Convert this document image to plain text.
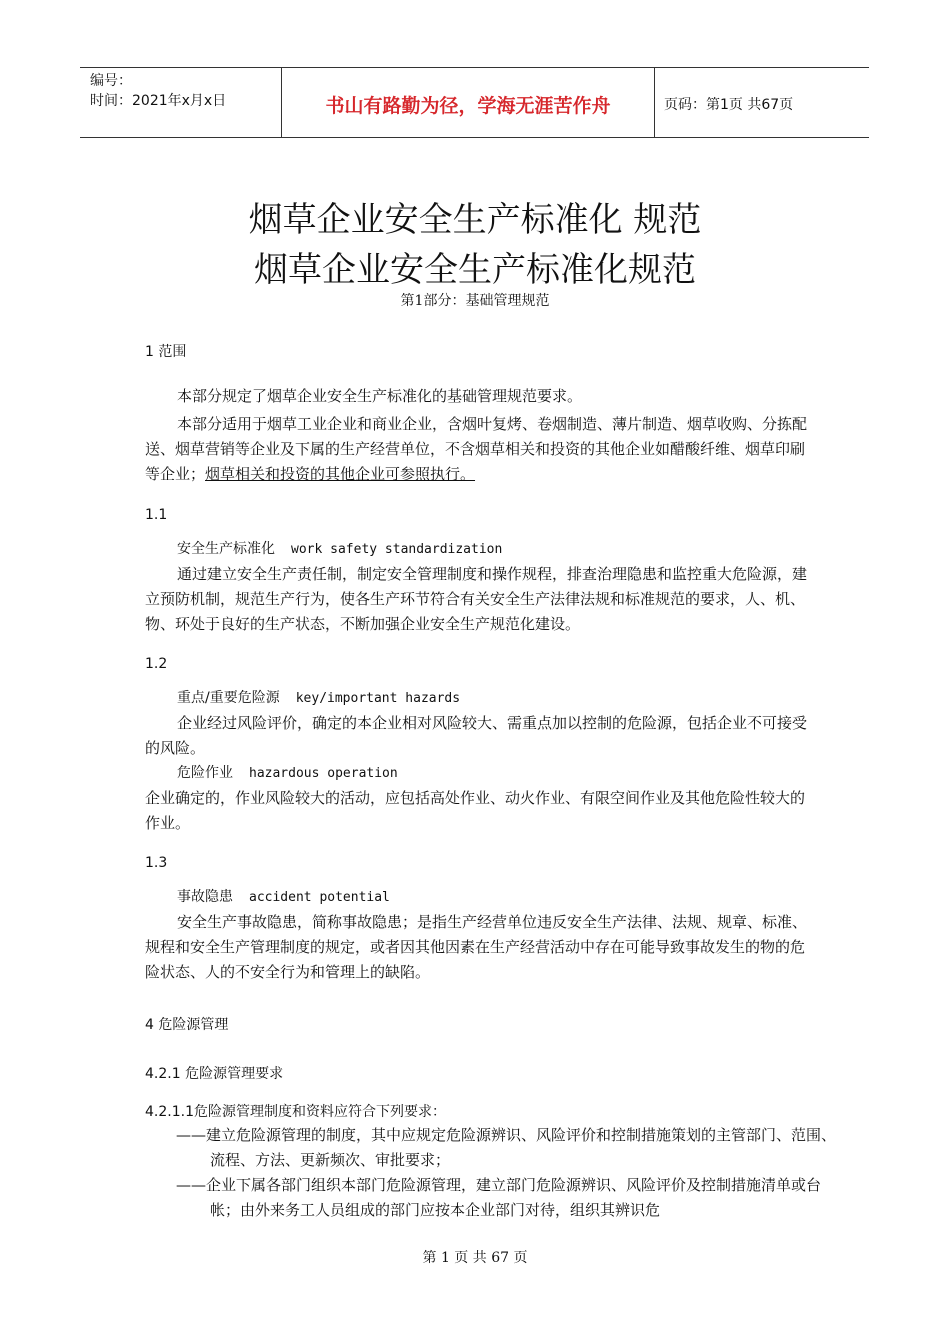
编号：
时间：2021年x月x日	书山有路勤为径，学海无涯苦作舟	页码：第1页 共67页
烟草企业安全生产标准化 规范
烟草企业安全生产标准化规范
第1部分：基础管理规范
1 范围
本部分规定了烟草企业安全生产标准化的基础管理规范要求。
本部分适用于烟草工业企业和商业企业，含烟叶复烤、卷烟制造、薄片制造、烟草收购、分拣配送、烟草营销等企业及下属的生产经营单位，不含烟草相关和投资的其他企业如醋酸纤维、烟草印刷等企业；烟草相关和投资的其他企业可参照执行。
1.1
安全生产标准化 work safety standardization
通过建立安全生产责任制，制定安全管理制度和操作规程，排查治理隐患和监控重大危险源，建立预防机制，规范生产行为，使各生产环节符合有关安全生产法律法规和标准规范的要求，人、机、物、环处于良好的生产状态，不断加强企业安全生产规范化建设。
1.2
重点/重要危险源 key/important hazards
企业经过风险评价，确定的本企业相对风险较大、需重点加以控制的危险源，包括企业不可接受的风险。
危险作业 hazardous operation
企业确定的，作业风险较大的活动，应包括高处作业、动火作业、有限空间作业及其他危险性较大的作业。
1.3
事故隐患 accident potential
安全生产事故隐患，简称事故隐患；是指生产经营单位违反安全生产法律、法规、规章、标准、规程和安全生产管理制度的规定，或者因其他因素在生产经营活动中存在可能导致事故发生的物的危险状态、人的不安全行为和管理上的缺陷。
4 危险源管理
4.2.1 危险源管理要求
4.2.1.1危险源管理制度和资料应符合下列要求：
——建立危险源管理的制度，其中应规定危险源辨识、风险评价和控制措施策划的主管部门、范围、流程、方法、更新频次、审批要求；
——企业下属各部门组织本部门危险源管理，建立部门危险源辨识、风险评价及控制措施清单或台帐；由外来务工人员组成的部门应按本企业部门对待，组织其辨识危
第 1 页 共 67 页
